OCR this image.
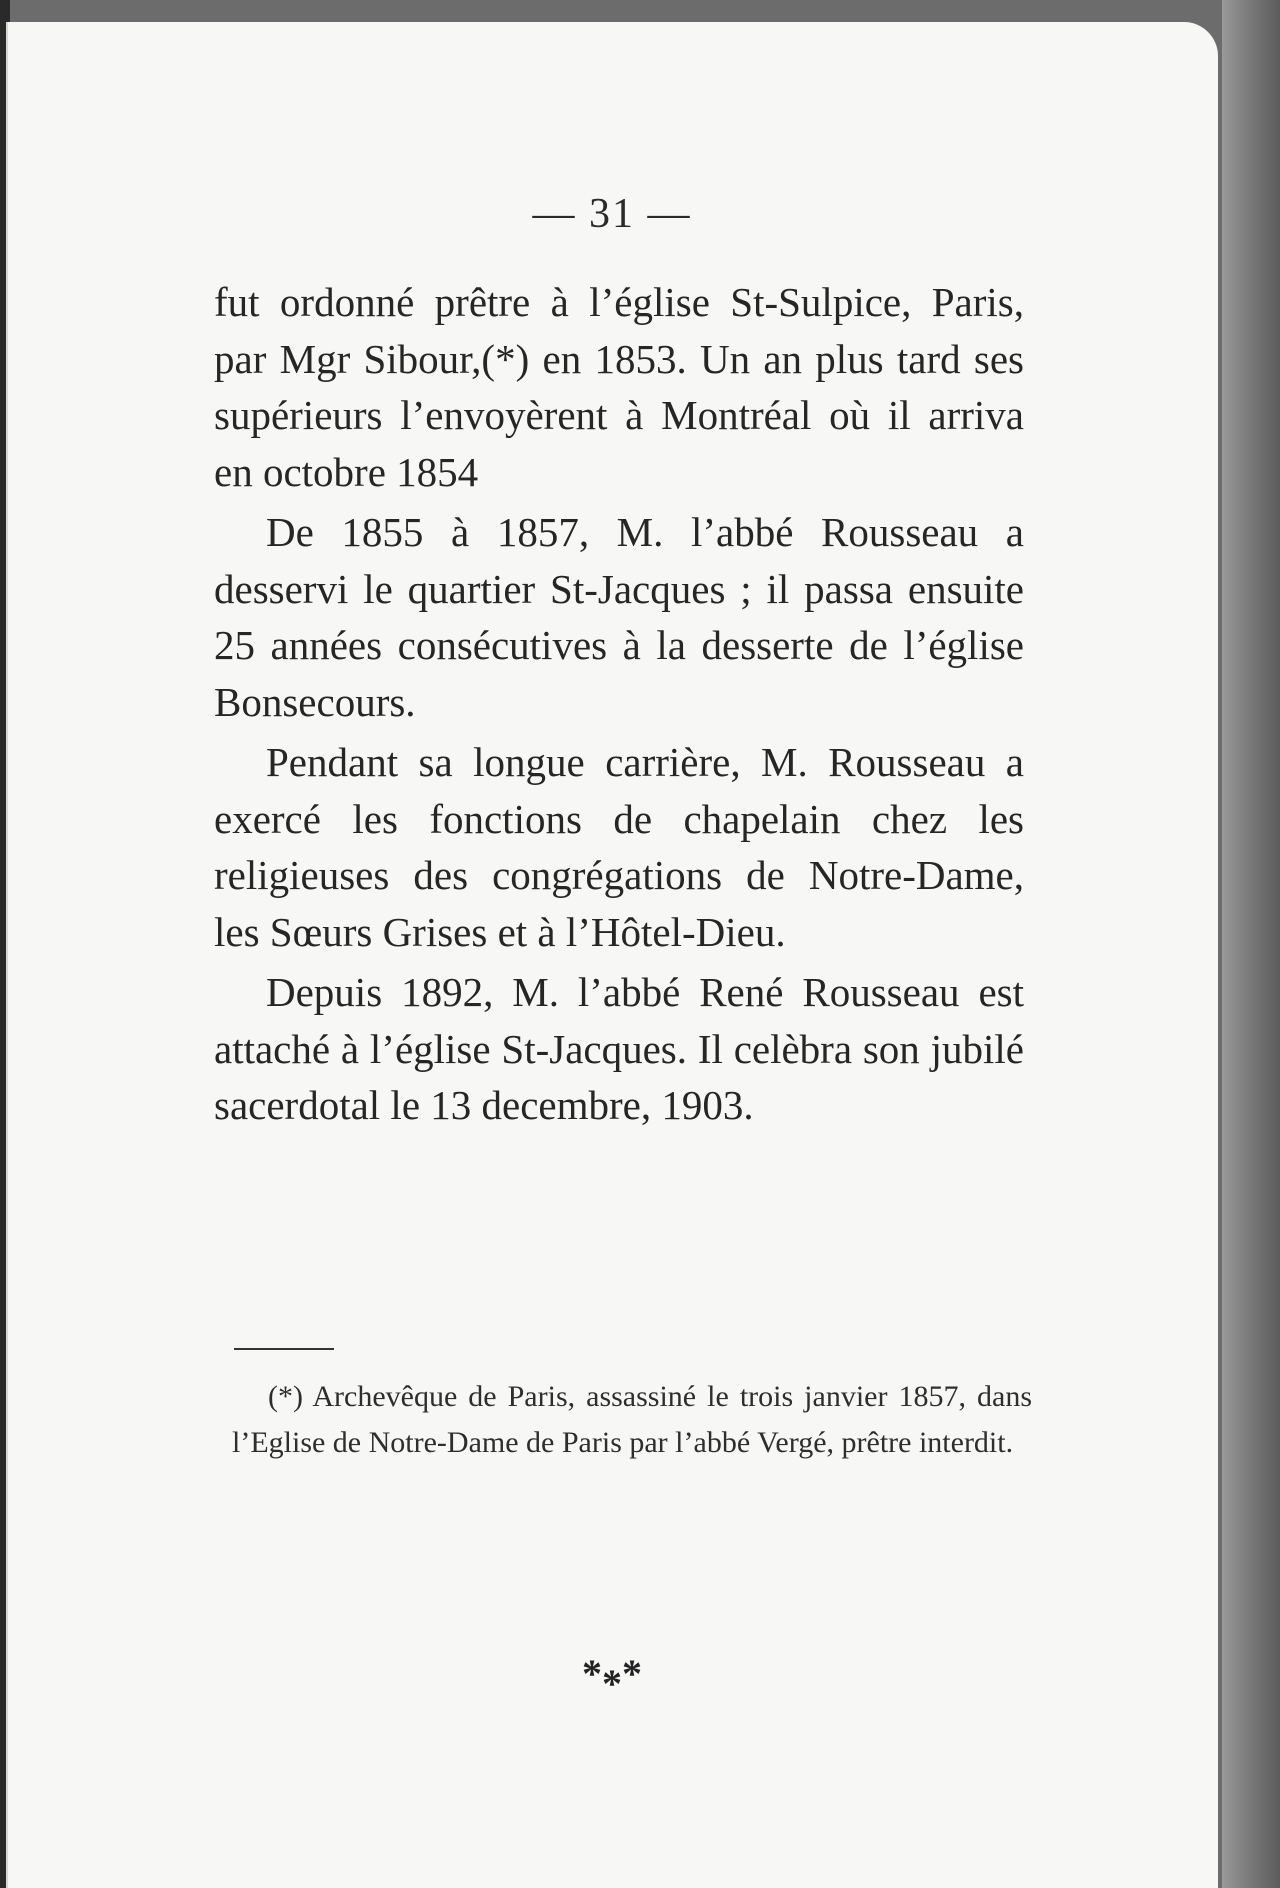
— 31 —

fut ordonné prêtre à l’église St-Sulpice, Paris, par Mgr Sibour,(*) en 1853. Un an plus tard ses supérieurs l’envoyèrent à Montréal où il arriva en octobre 1854

De 1855 à 1857, M. l’abbé Rousseau a desservi le quartier St-Jacques ; il passa ensuite 25 années consécutives à la desserte de l’église Bonsecours.

Pendant sa longue carrière, M. Rousseau a exercé les fonctions de chapelain chez les religieuses des congrégations de Notre-Dame, les Sœurs Grises et à l’Hôtel-Dieu.

Depuis 1892, M. l’abbé René Rousseau est attaché à l’église St-Jacques. Il celèbra son jubilé sacerdotal le 13 decembre, 1903.

(*) Archevêque de Paris, assassiné le trois janvier 1857, dans l’Eglise de Notre-Dame de Paris par l’abbé Vergé, prêtre interdit.
***
